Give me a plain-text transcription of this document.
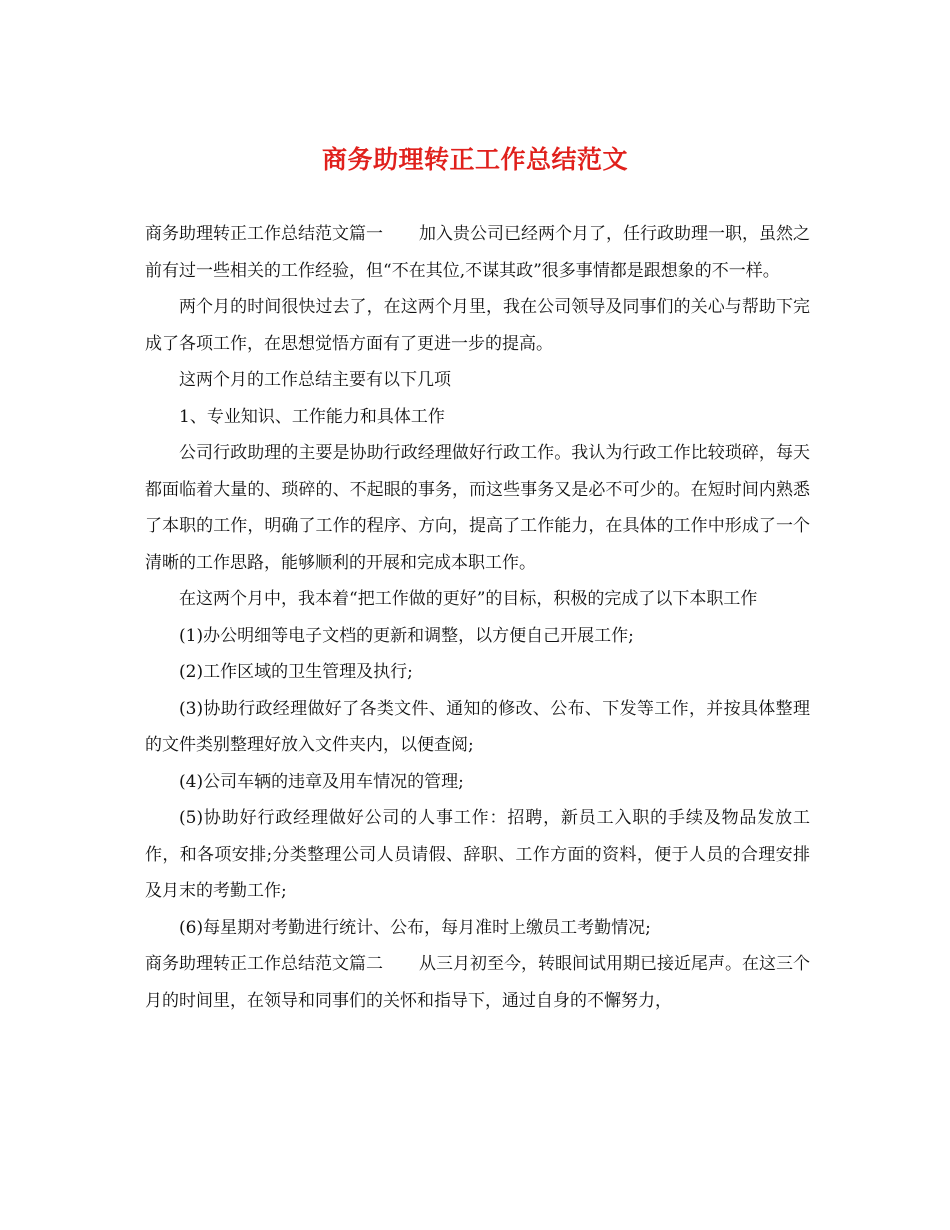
商务助理转正工作总结范文

商务助理转正工作总结范文篇一 加入贵公司已经两个月了，任行政助理一职，虽然之前有过一些相关的工作经验，但“不在其位,不谋其政”很多事情都是跟想象的不一样。

两个月的时间很快过去了，在这两个月里，我在公司领导及同事们的关心与帮助下完成了各项工作，在思想觉悟方面有了更进一步的提高。

这两个月的工作总结主要有以下几项

1、专业知识、工作能力和具体工作

公司行政助理的主要是协助行政经理做好行政工作。我认为行政工作比较琐碎，每天都面临着大量的、琐碎的、不起眼的事务，而这些事务又是必不可少的。在短时间内熟悉了本职的工作，明确了工作的程序、方向，提高了工作能力，在具体的工作中形成了一个清晰的工作思路，能够顺利的开展和完成本职工作。

在这两个月中，我本着“把工作做的更好”的目标，积极的完成了以下本职工作

(1)办公明细等电子文档的更新和调整，以方便自己开展工作;

(2)工作区域的卫生管理及执行;

(3)协助行政经理做好了各类文件、通知的修改、公布、下发等工作，并按具体整理的文件类别整理好放入文件夹内，以便查阅;

(4)公司车辆的违章及用车情况的管理;

(5)协助好行政经理做好公司的人事工作：招聘，新员工入职的手续及物品发放工作，和各项安排;分类整理公司人员请假、辞职、工作方面的资料，便于人员的合理安排及月末的考勤工作;

(6)每星期对考勤进行统计、公布，每月准时上缴员工考勤情况;

商务助理转正工作总结范文篇二 从三月初至今，转眼间试用期已接近尾声。在这三个月的时间里，在领导和同事们的关怀和指导下，通过自身的不懈努力，
